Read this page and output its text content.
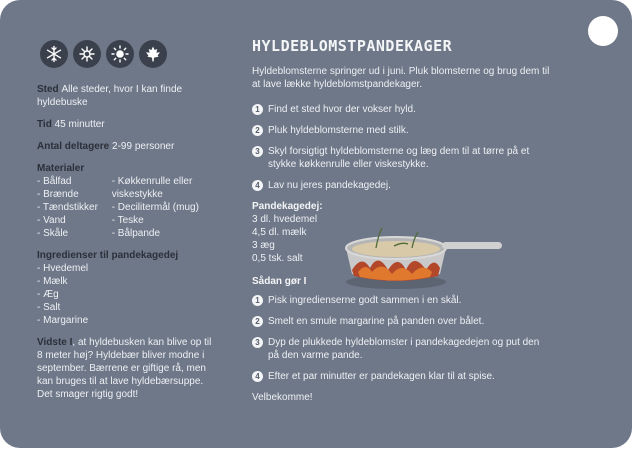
Sted Alle steder, hvor I kan finde hyldebuske

Tid 45 minutter

Antal deltagere 2-99 personer

Materialer

- Bålfad
- Brænde
- Tændstikker
- Vand
- Skåle
- Køkkenrulle eller viskestykke
- Decilitermål (mug)
- Teske
- Bålpande

Ingredienser til pandekagedej

- Hvedemel
- Mælk
- Æg
- Salt
- Margarine

Vidste I, at hyldebusken kan blive op til 8 meter høj? Hyldebær bliver modne i september. Bærrene er giftige rå, men kan bruges til at lave hyldebærsuppe. Det smager rigtig godt!

HYLDEBLOMSTPANDEKAGER

Hyldeblomsterne springer ud i juni. Pluk blomsterne og brug dem til at lave lække hyldeblomstpandekager.

1 Find et sted hvor der vokser hyld.
2 Pluk hyldeblomsterne med stilk.
3 Skyl forsigtigt hyldeblomsterne og læg dem til at tørre på et stykke køkkenrulle eller viskestykke.
4 Lav nu jeres pandekagedej.

Pandekagedej:

3 dl. hvedemel
4,5 dl. mælk
3 æg
0,5 tsk. salt

Sådan gør I

1 Pisk ingredienserne godt sammen i en skål.
2 Smelt en smule margarine på panden over bålet.
3 Dyp de plukkede hyldeblomster i pandekagedejen og put den på den varme pande.
4 Efter et par minutter er pandekagen klar til at spise.

Velbekomme!
